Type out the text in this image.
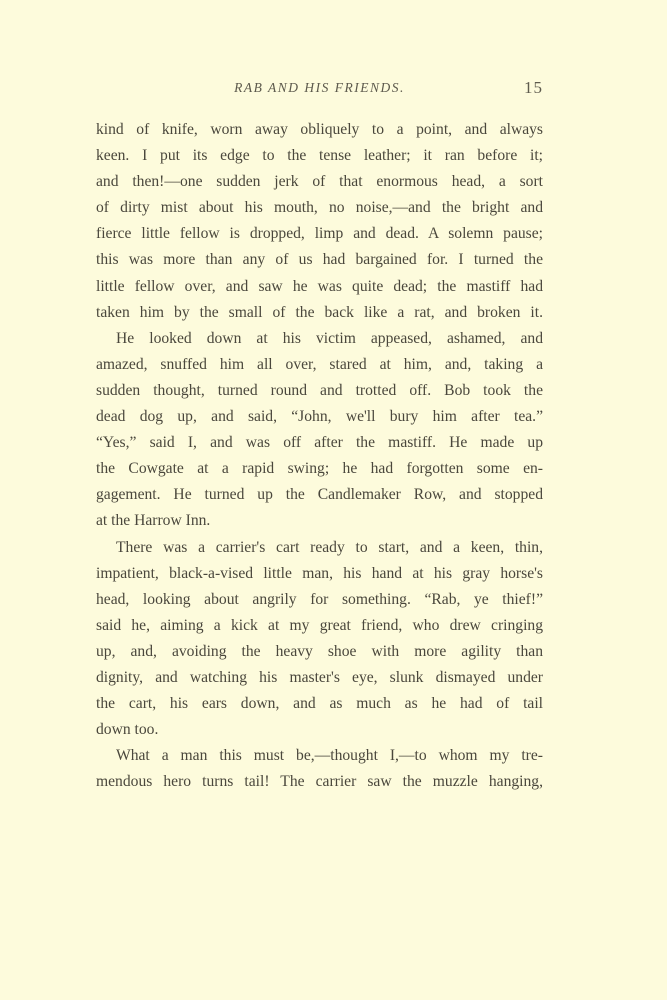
RAB AND HIS FRIENDS.	15
kind of knife, worn away obliquely to a point, and always
keen. I put its edge to the tense leather; it ran before it;
and then!—one sudden jerk of that enormous head, a sort
of dirty mist about his mouth, no noise,—and the bright and
fierce little fellow is dropped, limp and dead. A solemn pause;
this was more than any of us had bargained for. I turned the
little fellow over, and saw he was quite dead; the mastiff had
taken him by the small of the back like a rat, and broken it.
He looked down at his victim appeased, ashamed, and
amazed, snuffed him all over, stared at him, and, taking a
sudden thought, turned round and trotted off. Bob took the
dead dog up, and said, “John, we'll bury him after tea.”
“Yes,” said I, and was off after the mastiff. He made up
the Cowgate at a rapid swing; he had forgotten some en-
gagement. He turned up the Candlemaker Row, and stopped
at the Harrow Inn.
There was a carrier's cart ready to start, and a keen, thin,
impatient, black-a-vised little man, his hand at his gray horse's
head, looking about angrily for something. “Rab, ye thief!”
said he, aiming a kick at my great friend, who drew cringing
up, and, avoiding the heavy shoe with more agility than
dignity, and watching his master's eye, slunk dismayed under
the cart, his ears down, and as much as he had of tail
down too.
What a man this must be,—thought I,—to whom my tre-
mendous hero turns tail! The carrier saw the muzzle hanging,
